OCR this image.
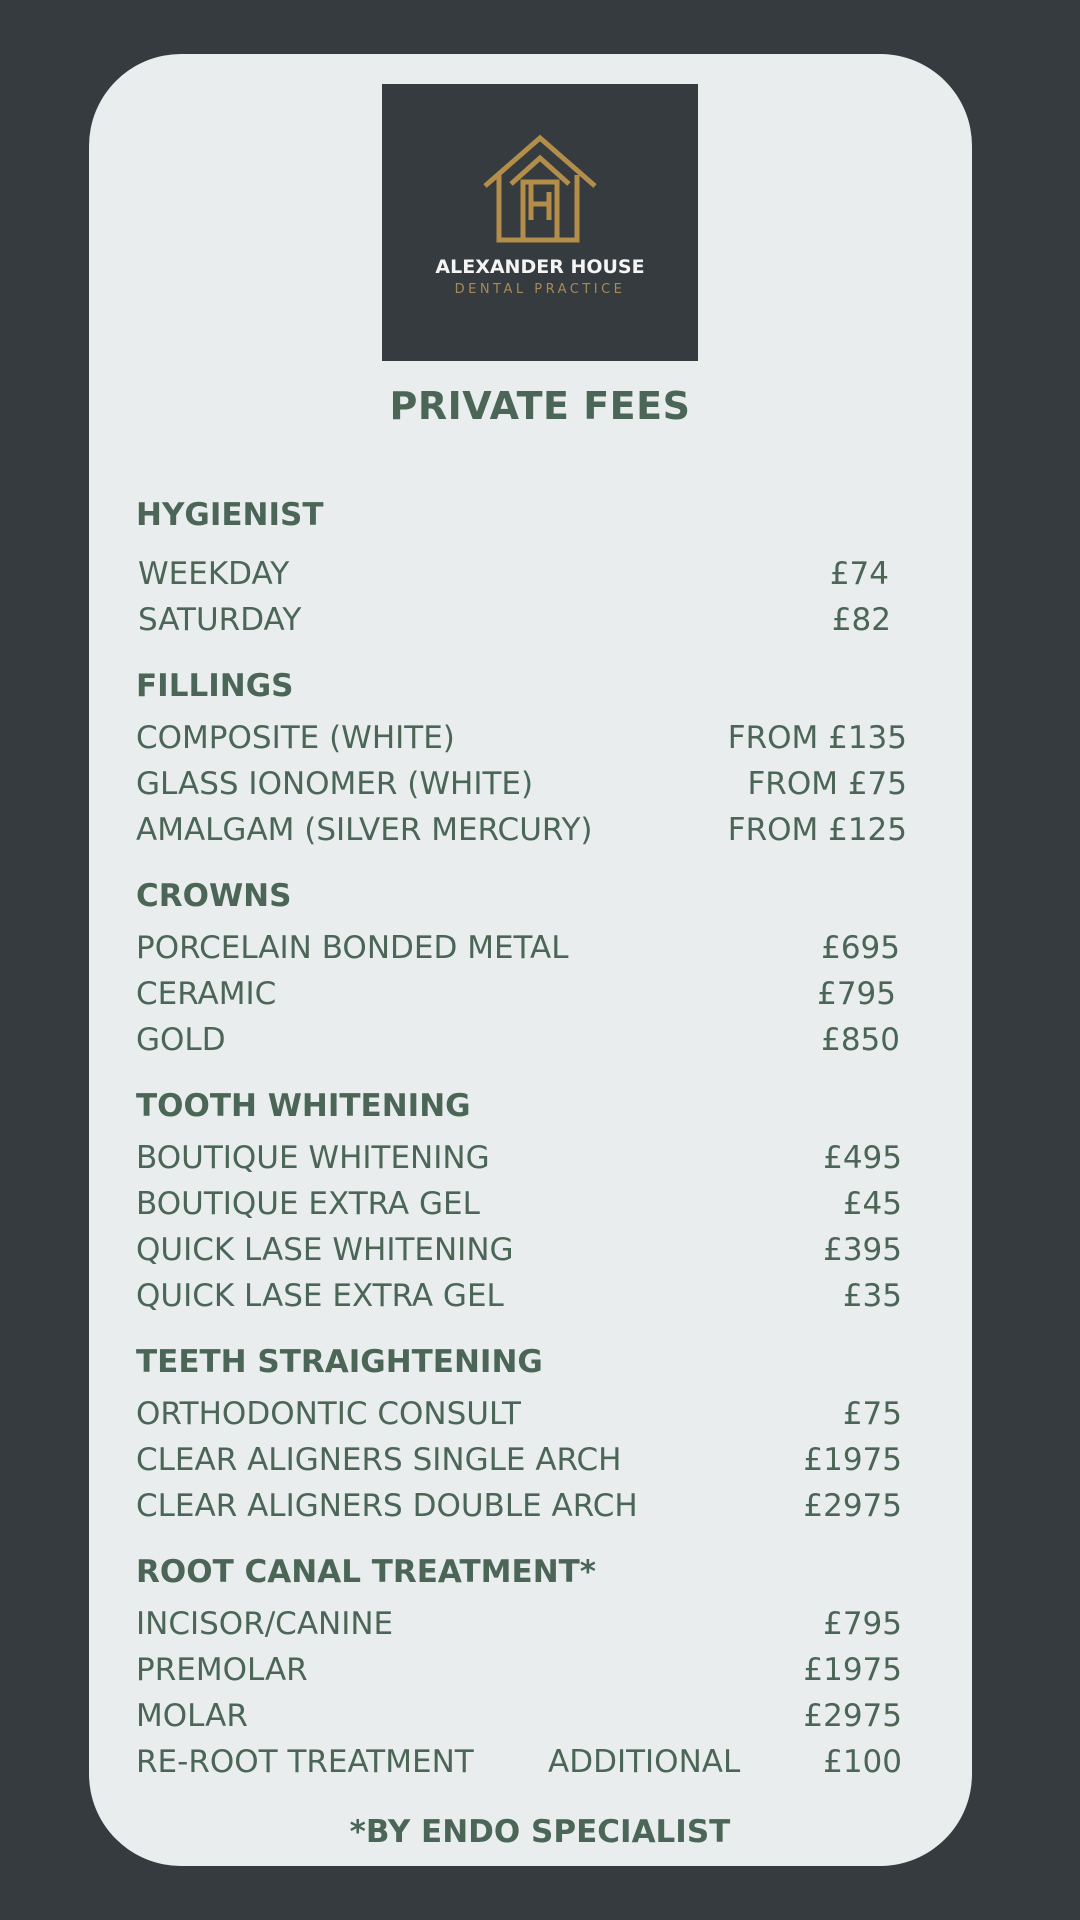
ALEXANDER HOUSE
DENTAL PRACTICE
PRIVATE FEES
HYGIENIST
WEEKDAY	£74
SATURDAY	£82
FILLINGS
COMPOSITE (WHITE)	FROM £135
GLASS IONOMER (WHITE)	FROM £75
AMALGAM (SILVER MERCURY)	FROM £125
CROWNS
PORCELAIN BONDED METAL	£695
CERAMIC	£795
GOLD	£850
TOOTH WHITENING
BOUTIQUE WHITENING	£495
BOUTIQUE EXTRA GEL	£45
QUICK LASE WHITENING	£395
QUICK LASE EXTRA GEL	£35
TEETH STRAIGHTENING
ORTHODONTIC CONSULT	£75
CLEAR ALIGNERS SINGLE ARCH	£1975
CLEAR ALIGNERS DOUBLE ARCH	£2975
ROOT CANAL TREATMENT*
INCISOR/CANINE	£795
PREMOLAR	£1975
MOLAR	£2975
RE-ROOT TREATMENT ADDITIONAL	£100
*BY ENDO SPECIALIST
